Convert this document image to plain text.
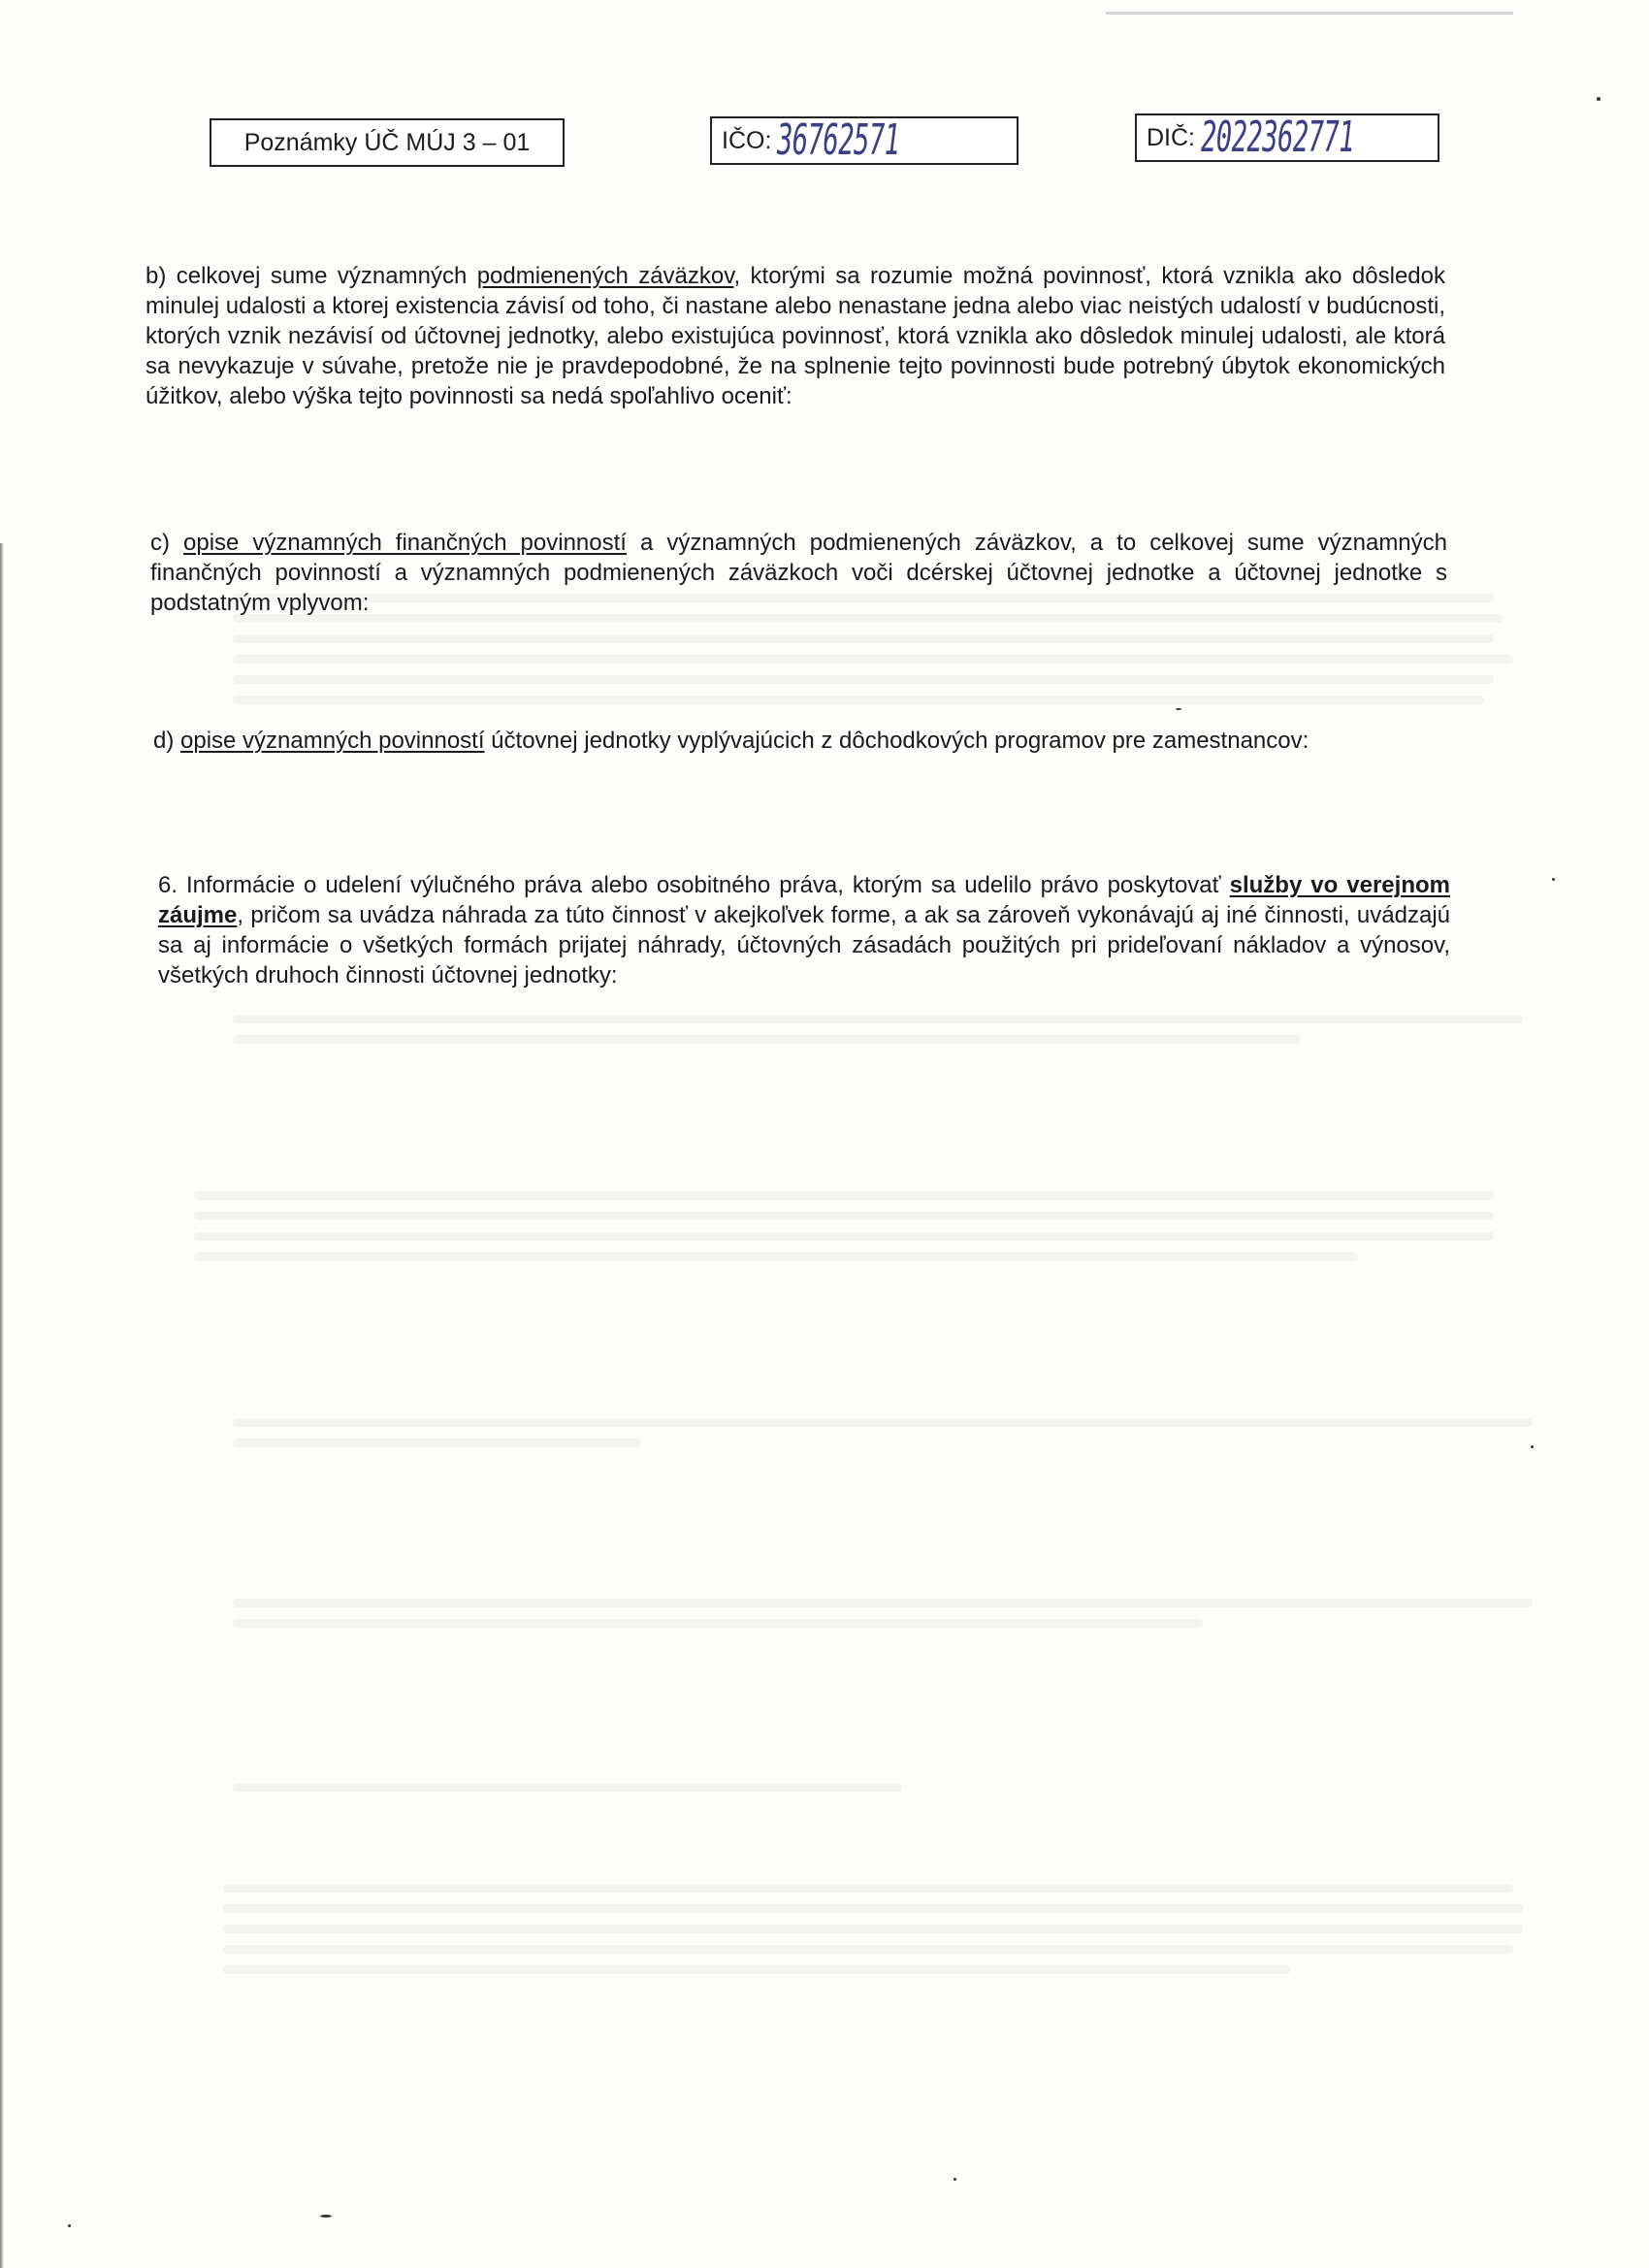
Poznámky ÚČ MÚJ 3 – 01	IČO: 36762571	DIČ: 2022362771
b) celkovej sume významných podmienených záväzkov, ktorými sa rozumie možná povinnosť, ktorá vznikla ako dôsledok minulej udalosti a ktorej existencia závisí od toho, či nastane alebo nenastane jedna alebo viac neistých udalostí v budúcnosti, ktorých vznik nezávisí od účtovnej jednotky, alebo existujúca povinnosť, ktorá vznikla ako dôsledok minulej udalosti, ale ktorá sa nevykazuje v súvahe, pretože nie je pravdepodobné, že na splnenie tejto povinnosti bude potrebný úbytok ekonomických úžitkov, alebo výška tejto povinnosti sa nedá spoľahlivo oceniť:
c) opise významných finančných povinností a významných podmienených záväzkov, a to celkovej sume významných finančných povinností a významných podmienených záväzkoch voči dcérskej účtovnej jednotke a účtovnej jednotke s podstatným vplyvom:
d) opise významných povinností účtovnej jednotky vyplývajúcich z dôchodkových programov pre zamestnancov:
6. Informácie o udelení výlučného práva alebo osobitného práva, ktorým sa udelilo právo poskytovať služby vo verejnom záujme, pričom sa uvádza náhrada za túto činnosť v akejkoľvek forme, a ak sa zároveň vykonávajú aj iné činnosti, uvádzajú sa aj informácie o všetkých formách prijatej náhrady, účtovných zásadách použitých pri prideľovaní nákladov a výnosov, všetkých druhoch činnosti účtovnej jednotky:
